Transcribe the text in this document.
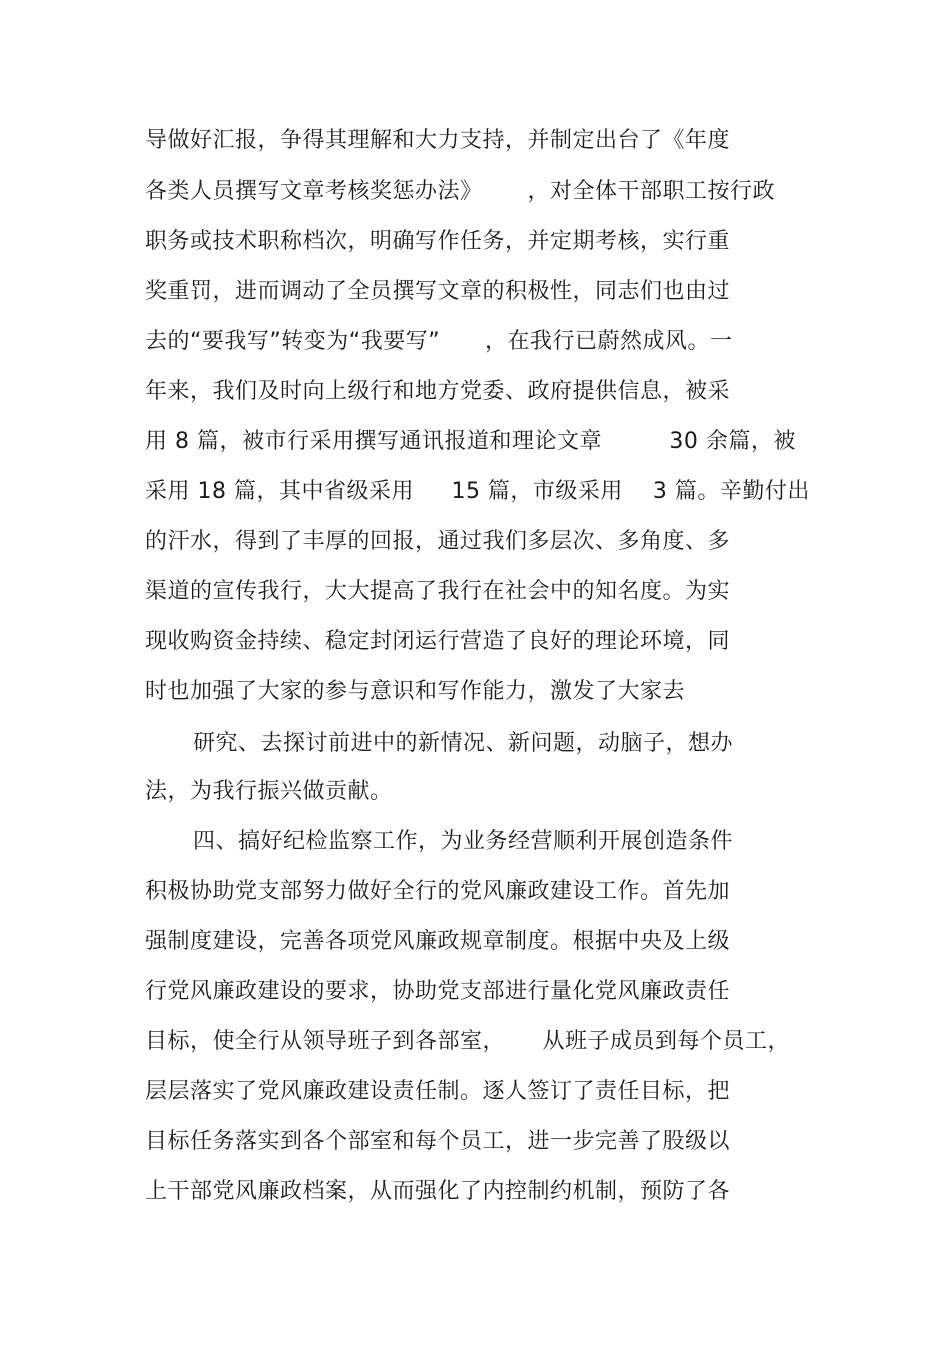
导做好汇报，争得其理解和大力支持，并制定出台了《年度
各类人员撰写文章考核奖惩办法》      ，对全体干部职工按行政
职务或技术职称档次，明确写作任务，并定期考核，实行重
奖重罚，进而调动了全员撰写文章的积极性，同志们也由过
去的“要我写”转变为“我要写”      ，在我行已蔚然成风。一
年来，我们及时向上级行和地方党委、政府提供信息，被采
用 8 篇，被市行采用撰写通讯报道和理论文章         30 余篇，被
采用 18 篇，其中省级采用     15 篇，市级采用    3 篇。辛勤付出
的汗水，得到了丰厚的回报，通过我们多层次、多角度、多
渠道的宣传我行，大大提高了我行在社会中的知名度。为实
现收购资金持续、稳定封闭运行营造了良好的理论环境，同
时也加强了大家的参与意识和写作能力，激发了大家去
研究、去探讨前进中的新情况、新问题，动脑子，想办
法，为我行振兴做贡献。
四、搞好纪检监察工作，为业务经营顺利开展创造条件
积极协助党支部努力做好全行的党风廉政建设工作。首先加
强制度建设，完善各项党风廉政规章制度。根据中央及上级
行党风廉政建设的要求，协助党支部进行量化党风廉政责任
目标，使全行从领导班子到各部室，     从班子成员到每个员工，
层层落实了党风廉政建设责任制。逐人签订了责任目标，把
目标任务落实到各个部室和每个员工，进一步完善了股级以
上干部党风廉政档案，从而强化了内控制约机制，预防了各
